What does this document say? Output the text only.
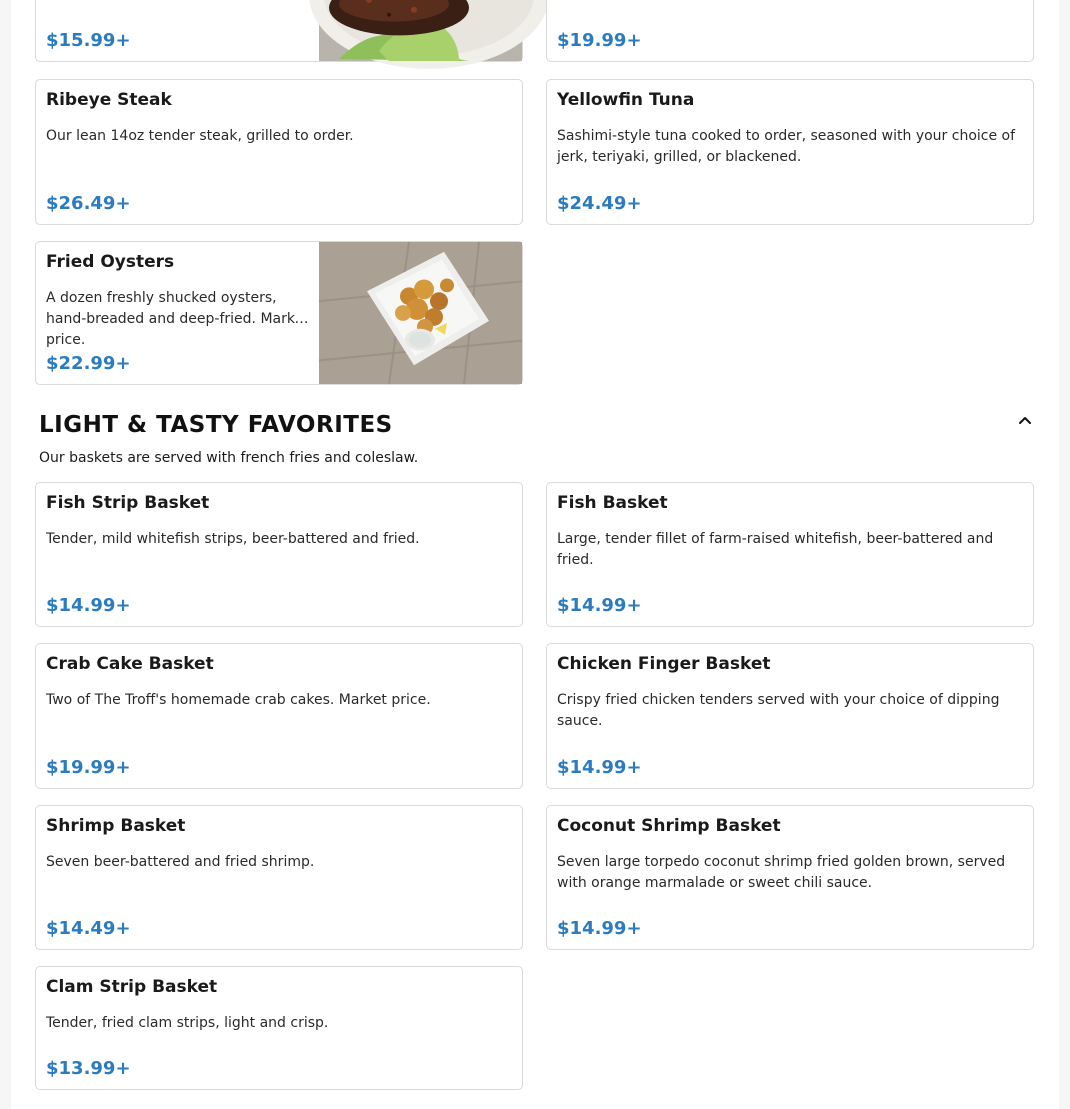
$15.99+	$19.99+
Ribeye Steak
Our lean 14oz tender steak, grilled to order.
$26.49+
Yellowfin Tuna
Sashimi-style tuna cooked to order, seasoned with your choice of jerk, teriyaki, grilled, or blackened.
$24.49+
Fried Oysters
A dozen freshly shucked oysters, hand-breaded and deep-fried. Market price.
$22.99+
LIGHT & TASTY FAVORITES
Our baskets are served with french fries and coleslaw.
Fish Strip Basket
Tender, mild whitefish strips, beer-battered and fried.
$14.99+
Fish Basket
Large, tender fillet of farm-raised whitefish, beer-battered and fried.
$14.99+
Crab Cake Basket
Two of The Troff's homemade crab cakes. Market price.
$19.99+
Chicken Finger Basket
Crispy fried chicken tenders served with your choice of dipping sauce.
$14.99+
Shrimp Basket
Seven beer-battered and fried shrimp.
$14.49+
Coconut Shrimp Basket
Seven large torpedo coconut shrimp fried golden brown, served with orange marmalade or sweet chili sauce.
$14.99+
Clam Strip Basket
Tender, fried clam strips, light and crisp.
$13.99+
